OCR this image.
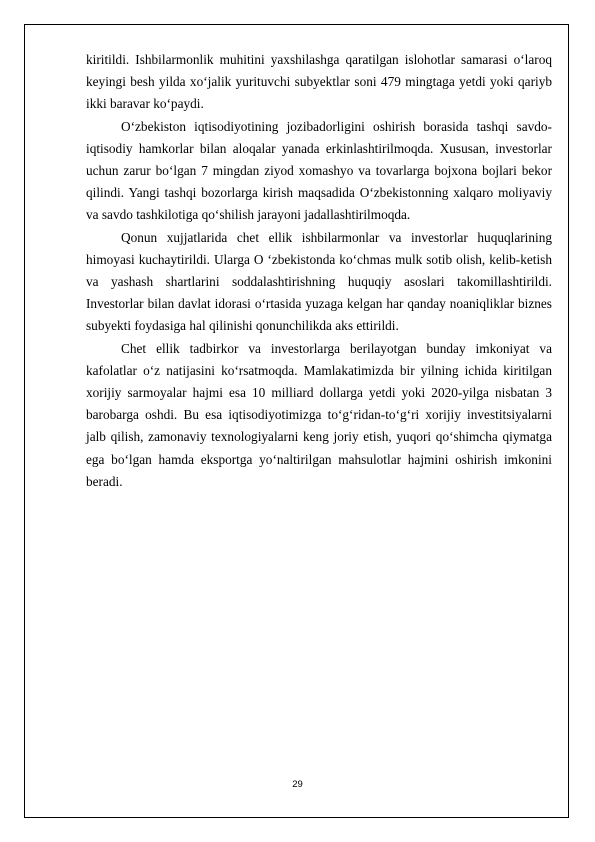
kiritildi. Ishbilarmonlik muhitini yaxshilashga qaratilgan islohotlar samarasi o‘laroq keyingi besh yilda xo‘jalik yurituvchi subyektlar soni 479 mingtaga yetdi yoki qariyb ikki baravar ko‘paydi.

O‘zbekiston iqtisodiyotining jozibadorligini oshirish borasida tashqi savdo-iqtisodiy hamkorlar bilan aloqalar yanada erkinlashtirilmoqda. Xususan, investorlar uchun zarur bo‘lgan 7 mingdan ziyod xomashyo va tovarlarga bojxona bojlari bekor qilindi. Yangi tashqi bozorlarga kirish maqsadida O‘zbekistonning xalqaro moliyaviy va savdo tashkilotiga qo‘shilish jarayoni jadallashtirilmoqda.

Qonun xujjatlarida chet ellik ishbilarmonlar va investorlar huquqlarining himoyasi kuchaytirildi. Ularga O ‘zbekistonda ko‘chmas mulk sotib olish, kelib-ketish va yashash shartlarini soddalashtirishning huquqiy asoslari takomillashtirildi. Investorlar bilan davlat idorasi o‘rtasida yuzaga kelgan har qanday noaniqliklar biznes subyekti foydasiga hal qilinishi qonunchilikda aks ettirildi.

Chet ellik tadbirkor va investorlarga berilayotgan bunday imkoniyat va kafolatlar o‘z natijasini ko‘rsatmoqda. Mamlakatimizda bir yilning ichida kiritilgan xorijiy sarmoyalar hajmi esa 10 milliard dollarga yetdi yoki 2020-yilga nisbatan 3 barobarga oshdi. Bu esa iqtisodiyotimizga to‘g‘ridan-to‘g‘ri xorijiy investitsiyalarni jalb qilish, zamonaviy texnologiyalarni keng joriy etish, yuqori qo‘shimcha qiymatga ega bo‘lgan hamda eksportga yo‘naltirilgan mahsulotlar hajmini oshirish imkonini beradi.

29
